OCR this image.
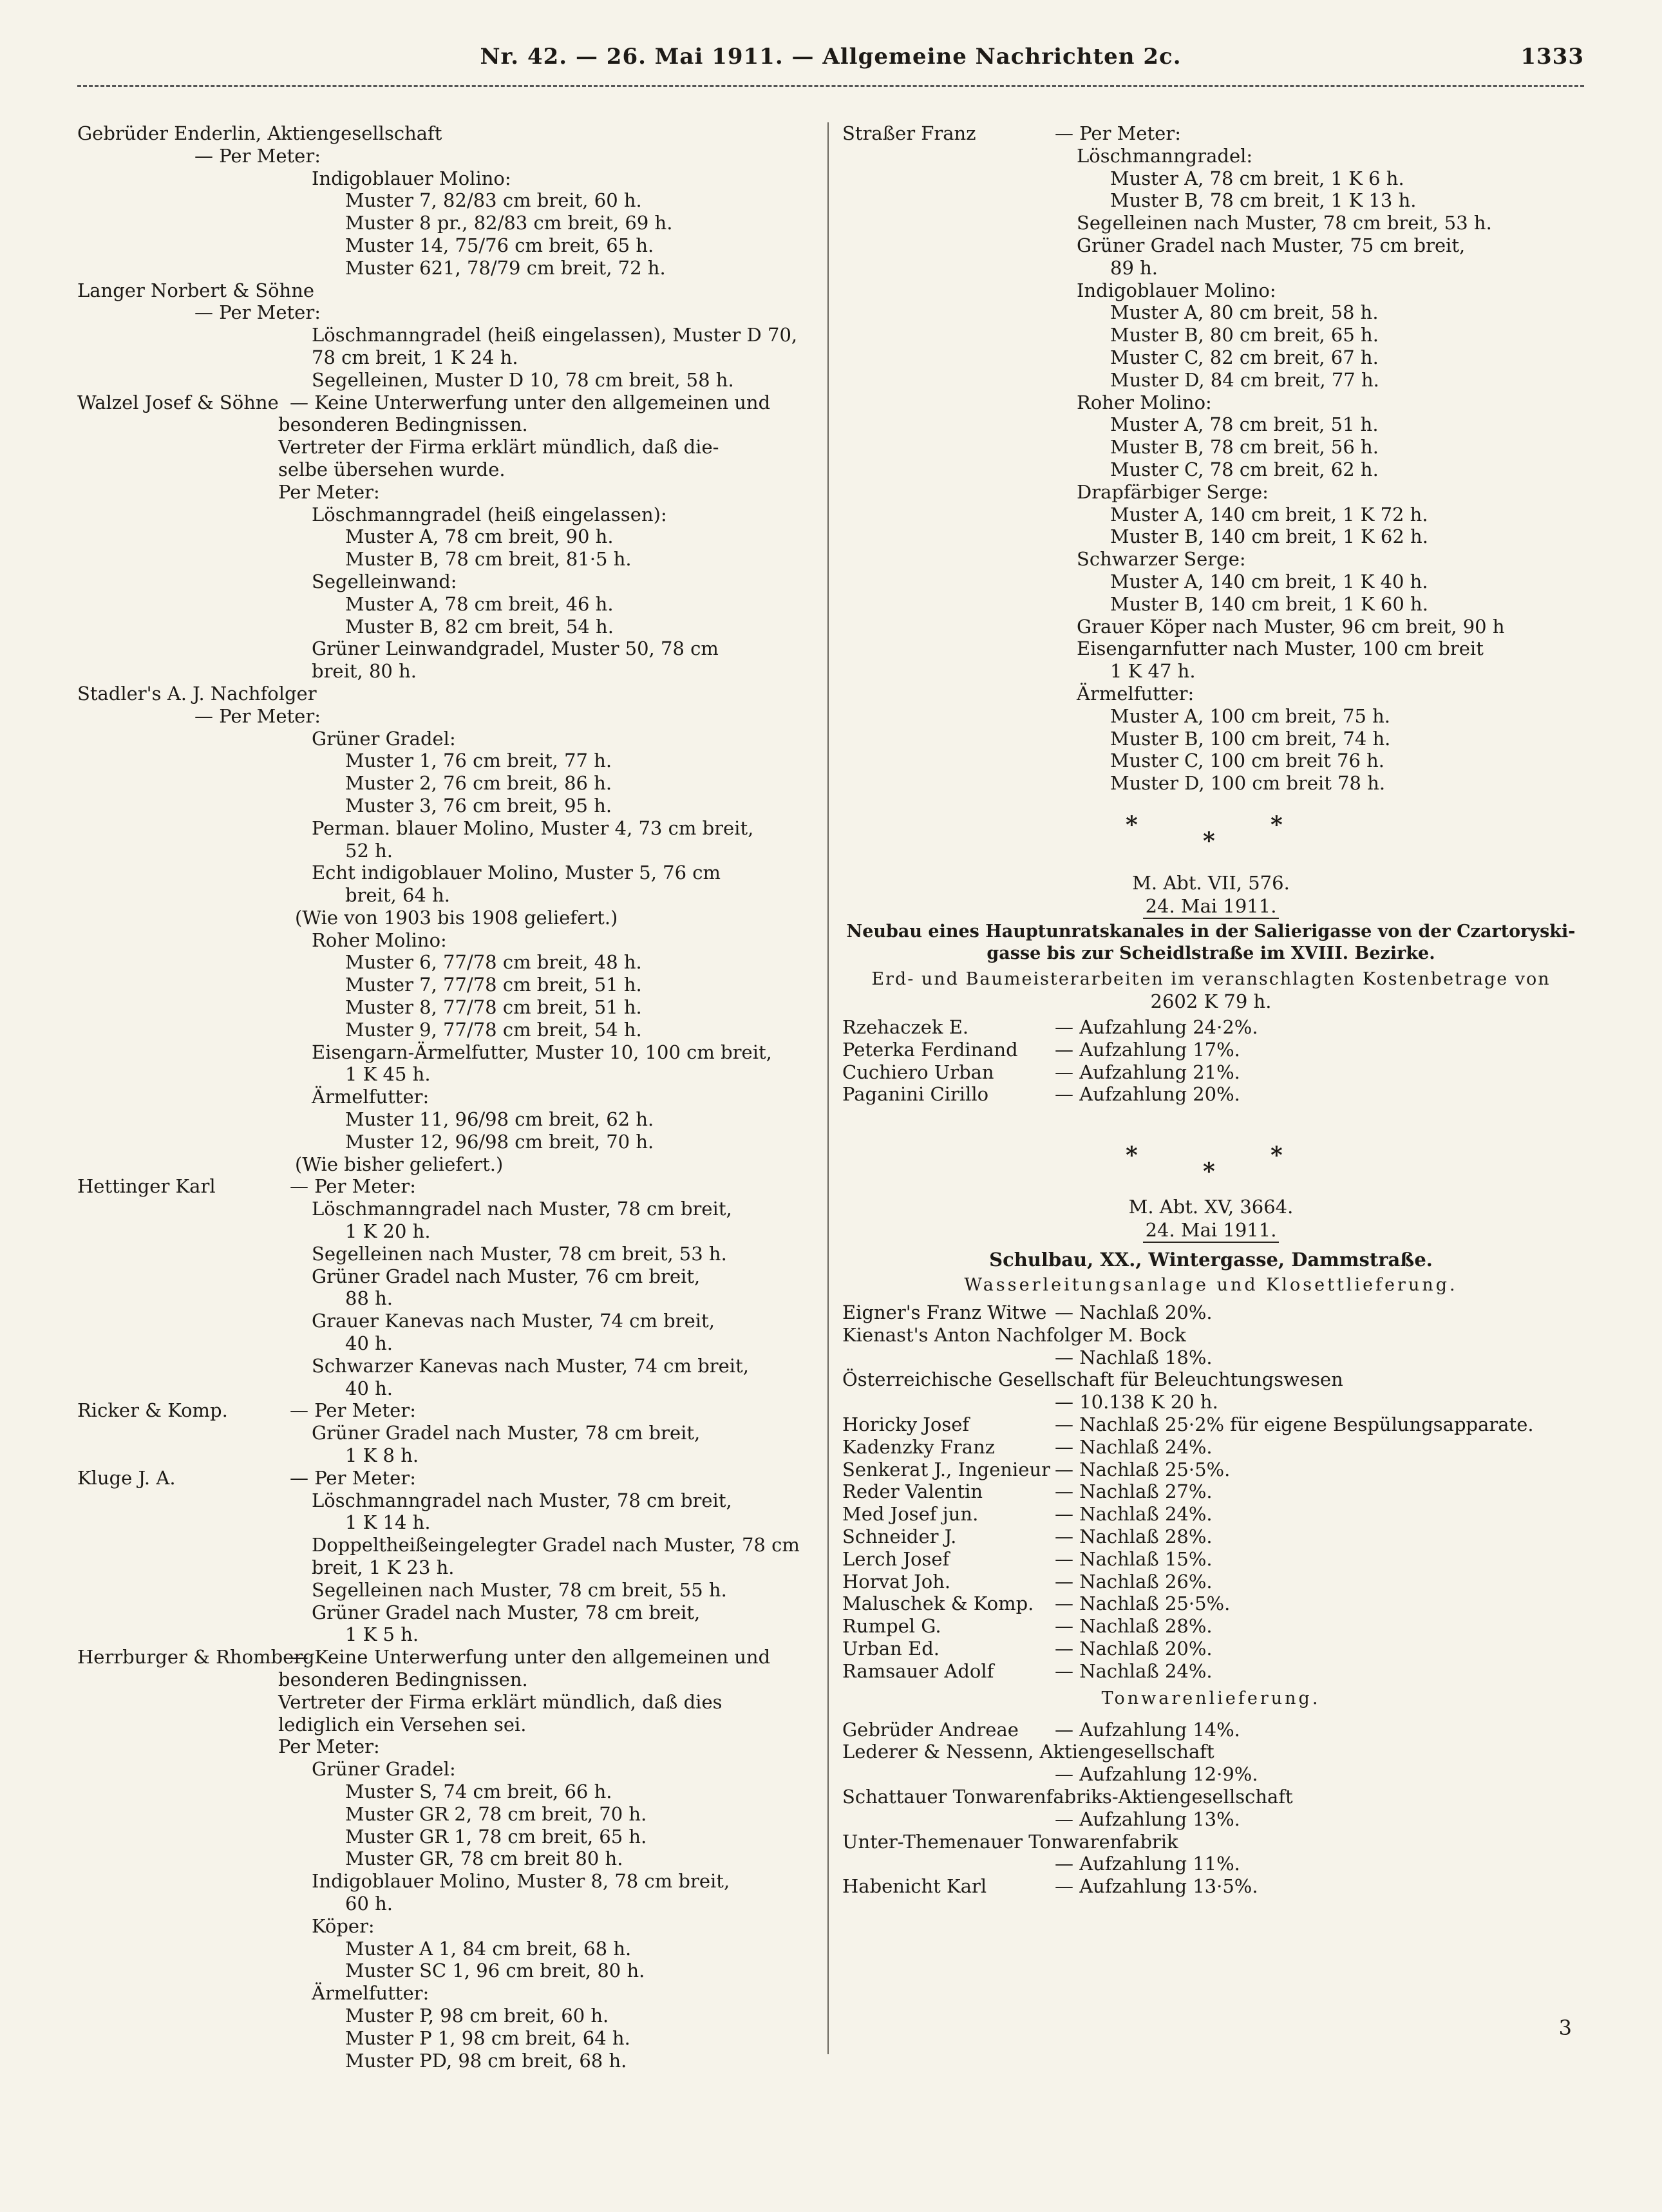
Nr. 42. — 26. Mai 1911. — Allgemeine Nachrichten 2c.	1333
Gebrüder Enderlin, Aktiengesellschaft
— Per Meter:
Indigoblauer Molino:
Muster 7, 82/83 cm breit, 60 h.
Muster 8 pr., 82/83 cm breit, 69 h.
Muster 14, 75/76 cm breit, 65 h.
Muster 621, 78/79 cm breit, 72 h.
Langer Norbert & Söhne
— Per Meter:
Löschmanngradel (heiß eingelassen), Muster D 70,
78 cm breit, 1 K 24 h.
Segelleinen, Muster D 10, 78 cm breit, 58 h.
Walzel Josef & Söhne — Keine Unterwerfung unter den allgemeinen und
besonderen Bedingnissen.
Vertreter der Firma erklärt mündlich, daß die-
selbe übersehen wurde.
Per Meter:
Löschmanngradel (heiß eingelassen):
Muster A, 78 cm breit, 90 h.
Muster B, 78 cm breit, 81·5 h.
Segelleinwand:
Muster A, 78 cm breit, 46 h.
Muster B, 82 cm breit, 54 h.
Grüner Leinwandgradel, Muster 50, 78 cm
breit, 80 h.
Stadler's A. J. Nachfolger
— Per Meter:
Grüner Gradel:
Muster 1, 76 cm breit, 77 h.
Muster 2, 76 cm breit, 86 h.
Muster 3, 76 cm breit, 95 h.
Perman. blauer Molino, Muster 4, 73 cm breit,
52 h.
Echt indigoblauer Molino, Muster 5, 76 cm
breit, 64 h.
(Wie von 1903 bis 1908 geliefert.)
Roher Molino:
Muster 6, 77/78 cm breit, 48 h.
Muster 7, 77/78 cm breit, 51 h.
Muster 8, 77/78 cm breit, 51 h.
Muster 9, 77/78 cm breit, 54 h.
Eisengarn-Ärmelfutter, Muster 10, 100 cm breit,
1 K 45 h.
Ärmelfutter:
Muster 11, 96/98 cm breit, 62 h.
Muster 12, 96/98 cm breit, 70 h.
(Wie bisher geliefert.)
Hettinger Karl	— Per Meter:
Löschmanngradel nach Muster, 78 cm breit,
1 K 20 h.
Segelleinen nach Muster, 78 cm breit, 53 h.
Grüner Gradel nach Muster, 76 cm breit,
88 h.
Grauer Kanevas nach Muster, 74 cm breit,
40 h.
Schwarzer Kanevas nach Muster, 74 cm breit,
40 h.
Ricker & Komp.	— Per Meter:
Grüner Gradel nach Muster, 78 cm breit,
1 K 8 h.
Kluge J. A.	— Per Meter:
Löschmanngradel nach Muster, 78 cm breit,
1 K 14 h.
Doppeltheißeingelegter Gradel nach Muster, 78 cm
breit, 1 K 23 h.
Segelleinen nach Muster, 78 cm breit, 55 h.
Grüner Gradel nach Muster, 78 cm breit,
1 K 5 h.
Herrburger & Rhomberg
— Keine Unterwerfung unter den allgemeinen und
besonderen Bedingnissen.
Vertreter der Firma erklärt mündlich, daß dies
lediglich ein Versehen sei.
Per Meter:
Grüner Gradel:
Muster S, 74 cm breit, 66 h.
Muster GR 2, 78 cm breit, 70 h.
Muster GR 1, 78 cm breit, 65 h.
Muster GR, 78 cm breit 80 h.
Indigoblauer Molino, Muster 8, 78 cm breit,
60 h.
Köper:
Muster A 1, 84 cm breit, 68 h.
Muster SC 1, 96 cm breit, 80 h.
Ärmelfutter:
Muster P, 98 cm breit, 60 h.
Muster P 1, 98 cm breit, 64 h.
Muster PD, 98 cm breit, 68 h.
Straßer Franz	— Per Meter:
Löschmanngradel:
Muster A, 78 cm breit, 1 K 6 h.
Muster B, 78 cm breit, 1 K 13 h.
Segelleinen nach Muster, 78 cm breit, 53 h.
Grüner Gradel nach Muster, 75 cm breit,
89 h.
Indigoblauer Molino:
Muster A, 80 cm breit, 58 h.
Muster B, 80 cm breit, 65 h.
Muster C, 82 cm breit, 67 h.
Muster D, 84 cm breit, 77 h.
Roher Molino:
Muster A, 78 cm breit, 51 h.
Muster B, 78 cm breit, 56 h.
Muster C, 78 cm breit, 62 h.
Drapfärbiger Serge:
Muster A, 140 cm breit, 1 K 72 h.
Muster B, 140 cm breit, 1 K 62 h.
Schwarzer Serge:
Muster A, 140 cm breit, 1 K 40 h.
Muster B, 140 cm breit, 1 K 60 h.
Grauer Köper nach Muster, 96 cm breit, 90 h
Eisengarnfutter nach Muster, 100 cm breit
1 K 47 h.
Ärmelfutter:
Muster A, 100 cm breit, 75 h.
Muster B, 100 cm breit, 74 h.
Muster C, 100 cm breit 76 h.
Muster D, 100 cm breit 78 h.
*
*
*
M. Abt. VII, 576.
24. Mai 1911.
Neubau eines Hauptunratskanales in der Salierigasse von der Czartoryski-
gasse bis zur Scheidlstraße im XVIII. Bezirke.
Erd- und Baumeisterarbeiten im veranschlagten Kostenbetrage von
2602 K 79 h.
Rzehaczek E.	— Aufzahlung 24·2%.
Peterka Ferdinand — Aufzahlung 17%.
Cuchiero Urban	— Aufzahlung 21%.
Paganini Cirillo	— Aufzahlung 20%.
*
*
*
M. Abt. XV, 3664.
24. Mai 1911.
Schulbau, XX., Wintergasse, Dammstraße.
Wasserleitungsanlage und Klosettlieferung.
Eigner's Franz Witwe — Nachlaß 20%.
Kienast's Anton Nachfolger M. Bock
— Nachlaß 18%.
Österreichische Gesellschaft für Beleuchtungswesen
— 10.138 K 20 h.
Horicky Josef	— Nachlaß 25·2% für eigene Bespülungsapparate.
Kadenzky Franz	— Nachlaß 24%.
Senkerat J., Ingenieur — Nachlaß 25·5%.
Reder Valentin	— Nachlaß 27%.
Med Josef jun.	— Nachlaß 24%.
Schneider J.	— Nachlaß 28%.
Lerch Josef	— Nachlaß 15%.
Horvat Joh.	— Nachlaß 26%.
Maluschek & Komp. — Nachlaß 25·5%.
Rumpel G.	— Nachlaß 28%.
Urban Ed.	— Nachlaß 20%.
Ramsauer Adolf	— Nachlaß 24%.
Tonwarenlieferung.
Gebrüder Andreae — Aufzahlung 14%.
Lederer & Nessenn, Aktiengesellschaft
— Aufzahlung 12·9%.
Schattauer Tonwarenfabriks-Aktiengesellschaft
— Aufzahlung 13%.
Unter-Themenauer Tonwarenfabrik
— Aufzahlung 11%.
Habenicht Karl	— Aufzahlung 13·5%.
3
